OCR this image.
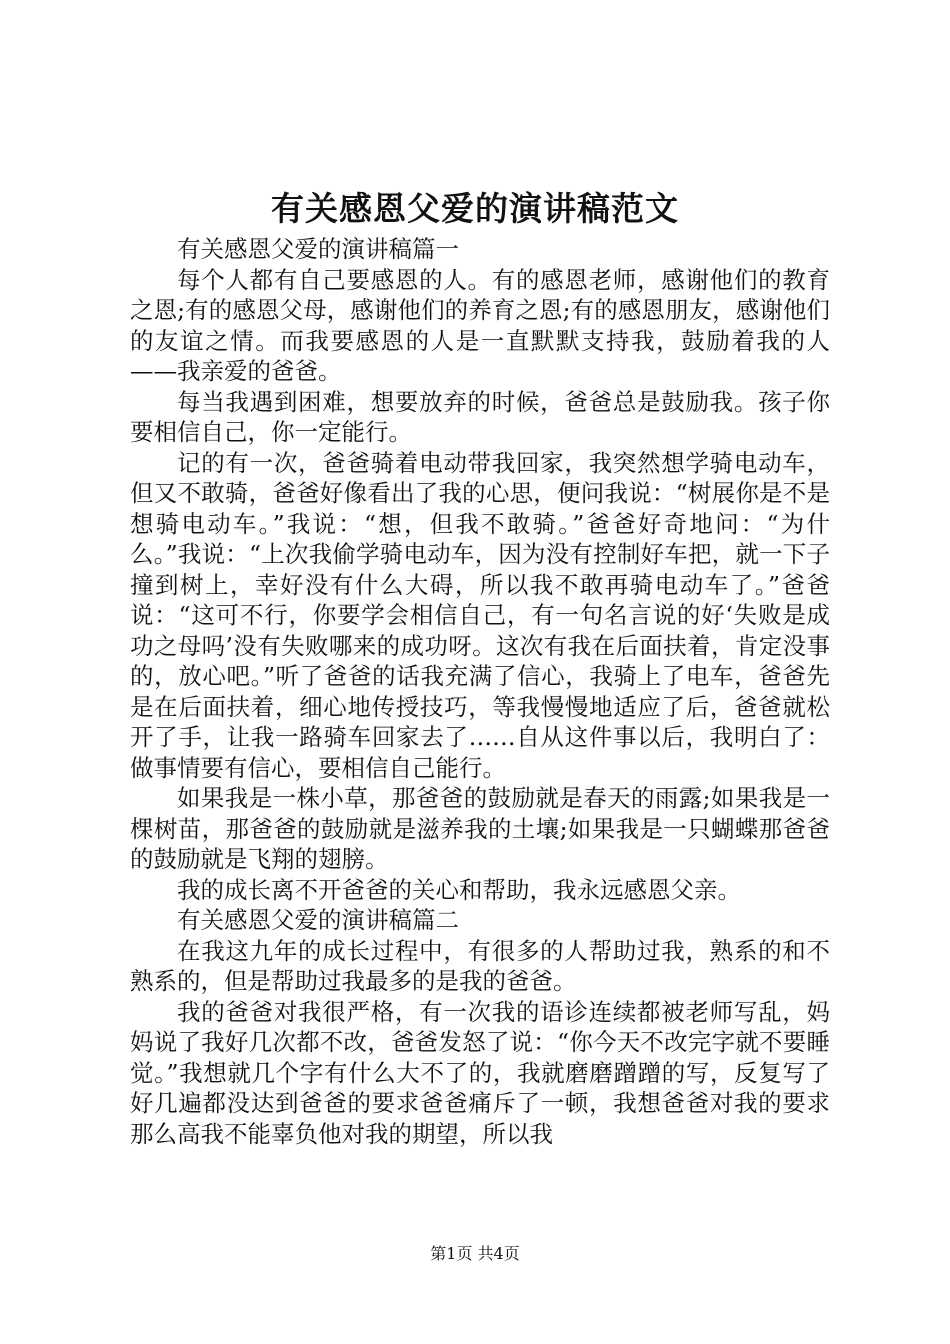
有关感恩父爱的演讲稿范文

有关感恩父爱的演讲稿篇一

每个人都有自己要感恩的人。有的感恩老师，感谢他们的教育之恩;有的感恩父母，感谢他们的养育之恩;有的感恩朋友，感谢他们的友谊之情。而我要感恩的人是一直默默支持我，鼓励着我的人——我亲爱的爸爸。

每当我遇到困难，想要放弃的时候，爸爸总是鼓励我。孩子你要相信自己，你一定能行。

记的有一次，爸爸骑着电动带我回家，我突然想学骑电动车，但又不敢骑，爸爸好像看出了我的心思，便问我说：“树展你是不是想骑电动车。”我说：“想，但我不敢骑。”爸爸好奇地问：“为什么。”我说：“上次我偷学骑电动车，因为没有控制好车把，就一下子撞到树上，幸好没有什么大碍，所以我不敢再骑电动车了。”爸爸说：“这可不行，你要学会相信自己，有一句名言说的好‘失败是成功之母吗’没有失败哪来的成功呀。这次有我在后面扶着，肯定没事的，放心吧。”听了爸爸的话我充满了信心，我骑上了电车，爸爸先是在后面扶着，细心地传授技巧，等我慢慢地适应了后，爸爸就松开了手，让我一路骑车回家去了……自从这件事以后，我明白了：做事情要有信心，要相信自己能行。

如果我是一株小草，那爸爸的鼓励就是春天的雨露;如果我是一棵树苗，那爸爸的鼓励就是滋养我的土壤;如果我是一只蝴蝶那爸爸的鼓励就是飞翔的翅膀。

我的成长离不开爸爸的关心和帮助，我永远感恩父亲。

有关感恩父爱的演讲稿篇二

在我这九年的成长过程中，有很多的人帮助过我，熟系的和不熟系的，但是帮助过我最多的是我的爸爸。

我的爸爸对我很严格，有一次我的语诊连续都被老师写乱，妈妈说了我好几次都不改，爸爸发怒了说：“你今天不改完字就不要睡觉。”我想就几个字有什么大不了的，我就磨磨蹭蹭的写，反复写了好几遍都没达到爸爸的要求爸爸痛斥了一顿，我想爸爸对我的要求那么高我不能辜负他对我的期望，所以我

第1页 共4页
